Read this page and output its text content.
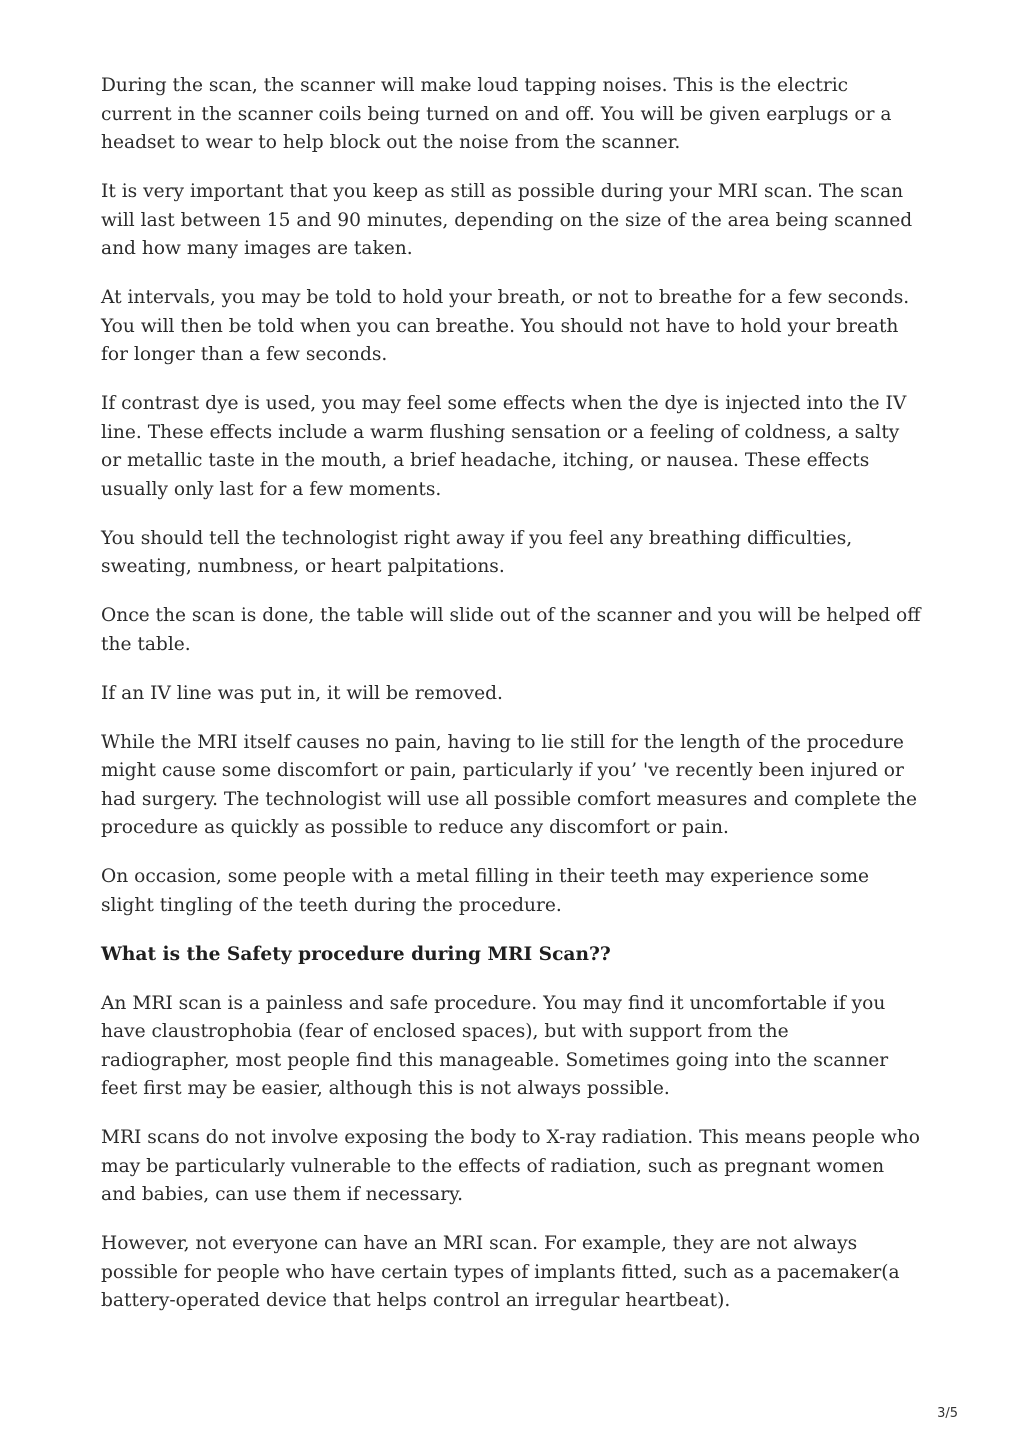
During the scan, the scanner will make loud tapping noises. This is the electric current in the scanner coils being turned on and off. You will be given earplugs or a headset to wear to help block out the noise from the scanner.

It is very important that you keep as still as possible during your MRI scan. The scan will last between 15 and 90 minutes, depending on the size of the area being scanned and how many images are taken.

At intervals, you may be told to hold your breath, or not to breathe for a few seconds. You will then be told when you can breathe. You should not have to hold your breath for longer than a few seconds.

If contrast dye is used, you may feel some effects when the dye is injected into the IV line. These effects include a warm flushing sensation or a feeling of coldness, a salty or metallic taste in the mouth, a brief headache, itching, or nausea. These effects usually only last for a few moments.

You should tell the technologist right away if you feel any breathing difficulties, sweating, numbness, or heart palpitations.

Once the scan is done, the table will slide out of the scanner and you will be helped off the table.

If an IV line was put in, it will be removed.

While the MRI itself causes no pain, having to lie still for the length of the procedure might cause some discomfort or pain, particularly if you’ 've recently been injured or had surgery. The technologist will use all possible comfort measures and complete the procedure as quickly as possible to reduce any discomfort or pain.

On occasion, some people with a metal filling in their teeth may experience some slight tingling of the teeth during the procedure.

What is the Safety procedure during MRI Scan??

An MRI scan is a painless and safe procedure. You may find it uncomfortable if you have claustrophobia (fear of enclosed spaces), but with support from the radiographer, most people find this manageable. Sometimes going into the scanner feet first may be easier, although this is not always possible.

MRI scans do not involve exposing the body to X-ray radiation. This means people who may be particularly vulnerable to the effects of radiation, such as pregnant women and babies, can use them if necessary.

However, not everyone can have an MRI scan. For example, they are not always possible for people who have certain types of implants fitted, such as a pacemaker(a battery-operated device that helps control an irregular heartbeat).

3/5
